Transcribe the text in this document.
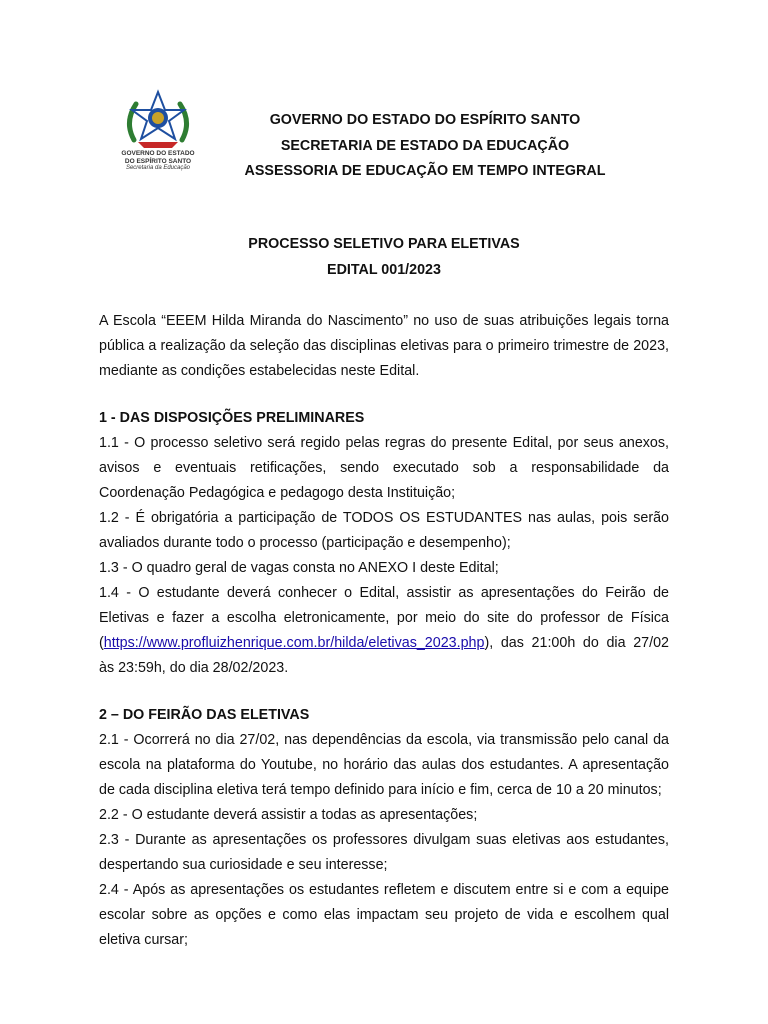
GOVERNO DO ESTADO
DO ESPÍRITO SANTO
Secretaria da Educação
GOVERNO DO ESTADO DO ESPÍRITO SANTO
SECRETARIA DE ESTADO DA EDUCAÇÃO
ASSESSORIA DE EDUCAÇÃO EM TEMPO INTEGRAL
PROCESSO SELETIVO PARA ELETIVAS
EDITAL 001/2023

A Escola “EEEM Hilda Miranda do Nascimento” no uso de suas atribuições legais torna pública a realização da seleção das disciplinas eletivas para o primeiro trimestre de 2023, mediante as condições estabelecidas neste Edital.

1 - DAS DISPOSIÇÕES PRELIMINARES

1.1 - O processo seletivo será regido pelas regras do presente Edital, por seus anexos, avisos e eventuais retificações, sendo executado sob a responsabilidade da Coordenação Pedagógica e pedagogo desta Instituição;

1.2 - É obrigatória a participação de TODOS OS ESTUDANTES nas aulas, pois serão avaliados durante todo o processo (participação e desempenho);

1.3 - O quadro geral de vagas consta no ANEXO I deste Edital;

1.4 - O estudante deverá conhecer o Edital, assistir as apresentações do Feirão de Eletivas e fazer a escolha eletronicamente, por meio do site do professor de Física (https://www.profluizhenrique.com.br/hilda/eletivas_2023.php), das 21:00h do dia 27/02 às 23:59h, do dia 28/02/2023.

2 – DO FEIRÃO DAS ELETIVAS

2.1 - Ocorrerá no dia 27/02, nas dependências da escola, via transmissão pelo canal da escola na plataforma do Youtube, no horário das aulas dos estudantes. A apresentação de cada disciplina eletiva terá tempo definido para início e fim, cerca de 10 a 20 minutos;

2.2 - O estudante deverá assistir a todas as apresentações;

2.3 - Durante as apresentações os professores divulgam suas eletivas aos estudantes, despertando sua curiosidade e seu interesse;

2.4 - Após as apresentações os estudantes refletem e discutem entre si e com a equipe escolar sobre as opções e como elas impactam seu projeto de vida e escolhem qual eletiva cursar;
